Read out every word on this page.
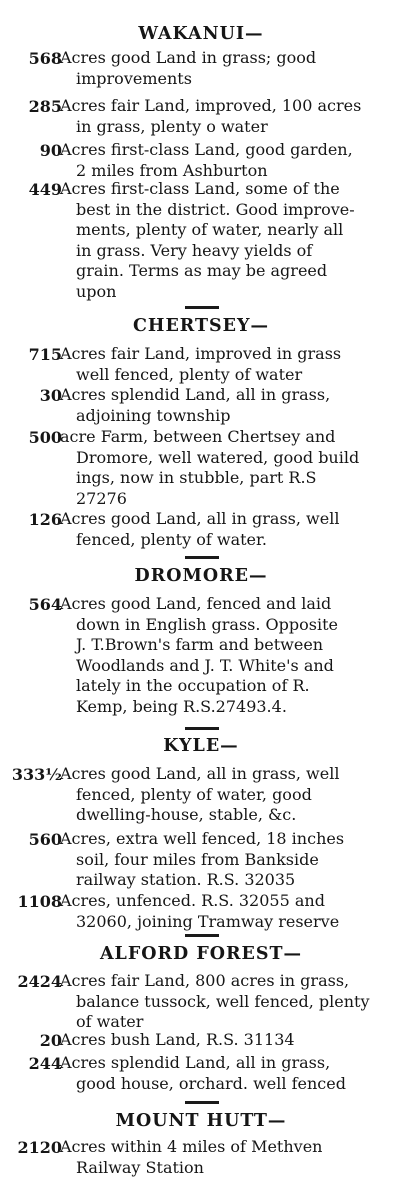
WAKANUI—
568
Acres good Land in grass; good
improvements
285
Acres fair Land, improved, 100 acres
in grass, plenty o water
90
Acres first-class Land, good garden,
2 miles from Ashburton
449
Acres first-class Land, some of the
best in the district. Good improve-
ments, plenty of water, nearly all
in grass. Very heavy yields of
grain. Terms as may be agreed
upon
CHERTSEY—
715
Acres fair Land, improved in grass
well fenced, plenty of water
30
Acres splendid Land, all in grass,
adjoining township
500
acre Farm, between Chertsey and
Dromore, well watered, good build
ings, now in stubble, part R.S
27276
126
Acres good Land, all in grass, well
fenced, plenty of water.
DROMORE—
564
Acres good Land, fenced and laid
down in English grass. Opposite
J. T.Brown's farm and between
Woodlands and J. T. White's and
lately in the occupation of R.
Kemp, being R.S.27493.4.
KYLE—
333½
Acres good Land, all in grass, well
fenced, plenty of water, good
dwelling-house, stable, &c.
560
Acres, extra well fenced, 18 inches
soil, four miles from Bankside
railway station. R.S. 32035
1108
Acres, unfenced. R.S. 32055 and
32060, joining Tramway reserve
ALFORD FOREST—
2424
Acres fair Land, 800 acres in grass,
balance tussock, well fenced, plenty
of water
20
Acres bush Land, R.S. 31134
244
Acres splendid Land, all in grass,
good house, orchard. well fenced
MOUNT HUTT—
2120
Acres within 4 miles of Methven
Railway Station
